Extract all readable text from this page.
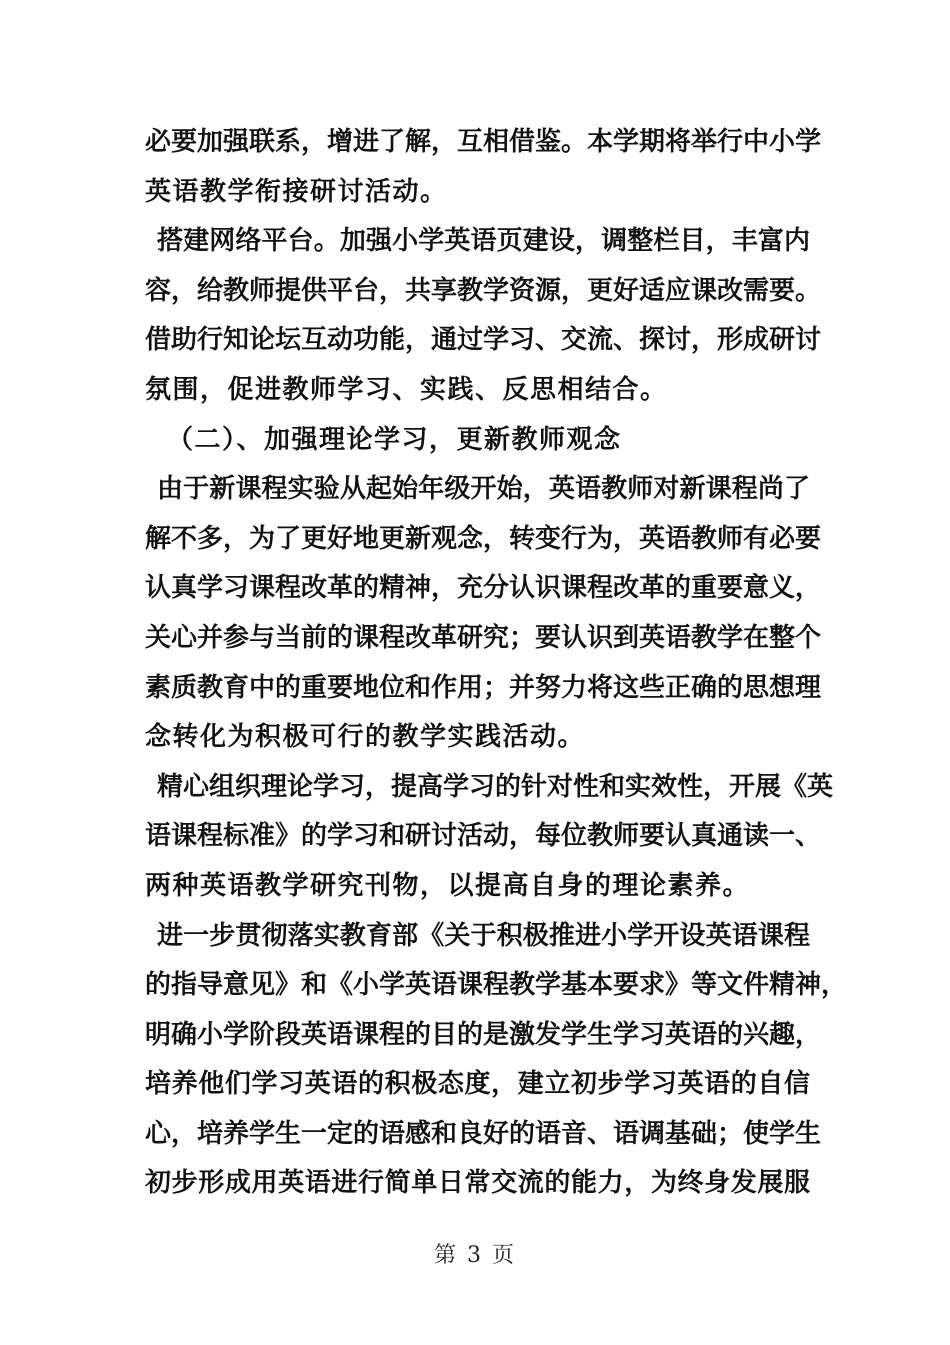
必要加强联系，增进了解，互相借鉴。本学期将举行中小学
英语教学衔接研讨活动。
搭建网络平台。加强小学英语页建设，调整栏目，丰富内
容，给教师提供平台，共享教学资源，更好适应课改需要。
借助行知论坛互动功能，通过学习、交流、探讨，形成研讨
氛围，促进教师学习、实践、反思相结合。
（二）、加强理论学习，更新教师观念
由于新课程实验从起始年级开始，英语教师对新课程尚了
解不多，为了更好地更新观念，转变行为，英语教师有必要
认真学习课程改革的精神，充分认识课程改革的重要意义，
关心并参与当前的课程改革研究；要认识到英语教学在整个
素质教育中的重要地位和作用；并努力将这些正确的思想理
念转化为积极可行的教学实践活动。
精心组织理论学习，提高学习的针对性和实效性，开展《英
语课程标准》的学习和研讨活动，每位教师要认真通读一、
两种英语教学研究刊物，以提高自身的理论素养。
进一步贯彻落实教育部《关于积极推进小学开设英语课程
的指导意见》和《小学英语课程教学基本要求》等文件精神，
明确小学阶段英语课程的目的是激发学生学习英语的兴趣，
培养他们学习英语的积极态度，建立初步学习英语的自信
心，培养学生一定的语感和良好的语音、语调基础；使学生
初步形成用英语进行简单日常交流的能力，为终身发展服
第 3 页
